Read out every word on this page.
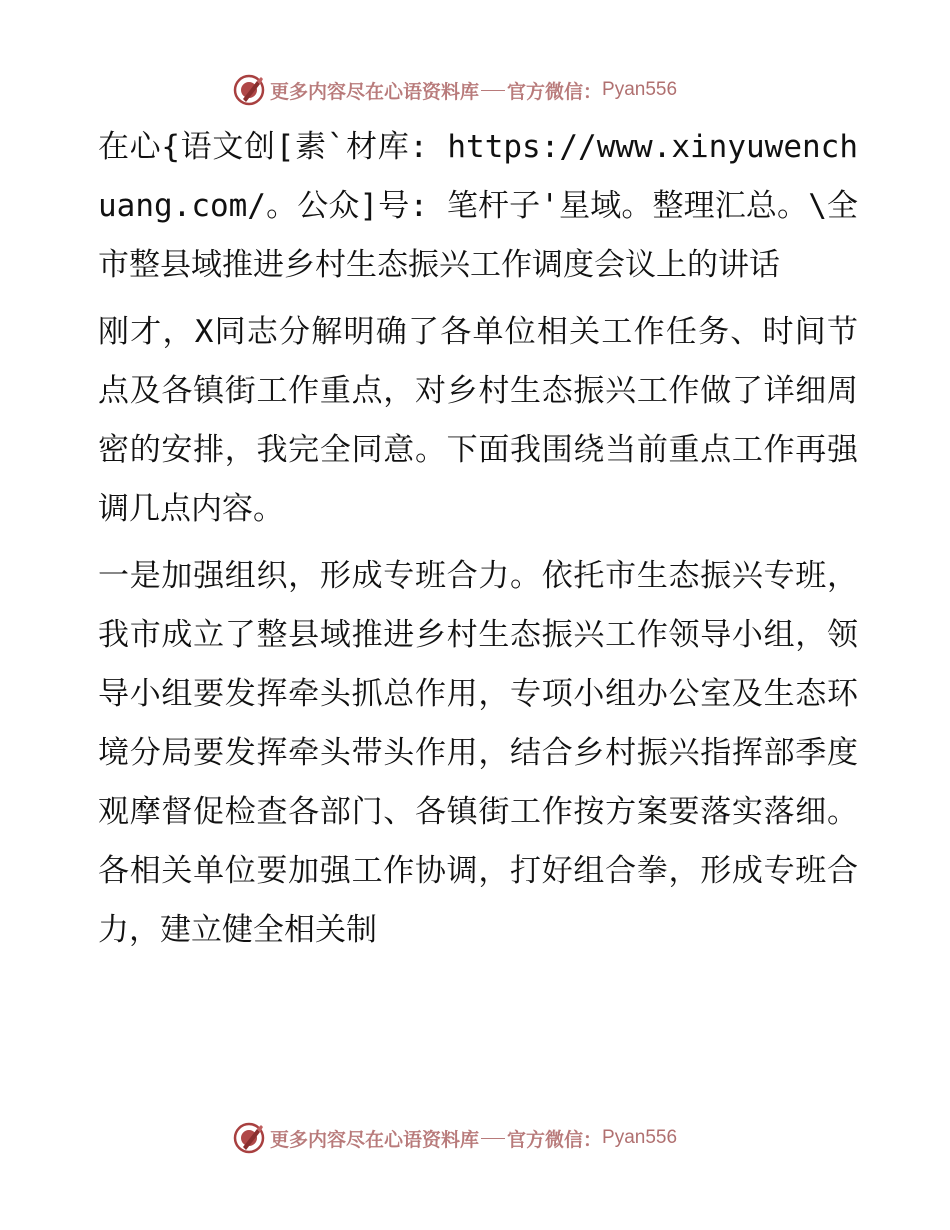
更多内容尽在心语资料库 官方微信： Pyan556

在心{语文创[素`材库: https://www.xinyuwenchuang.com/。公众]号: 笔杆子'星域。整理汇总。\全市整县域推进乡村生态振兴工作调度会议上的讲话

刚才，X同志分解明确了各单位相关工作任务、时间节点及各镇街工作重点，对乡村生态振兴工作做了详细周密的安排，我完全同意。下面我围绕当前重点工作再强调几点内容。

一是加强组织，形成专班合力。依托市生态振兴专班，我市成立了整县域推进乡村生态振兴工作领导小组，领导小组要发挥牵头抓总作用，专项小组办公室及生态环境分局要发挥牵头带头作用，结合乡村振兴指挥部季度观摩督促检查各部门、各镇街工作按方案要落实落细。各相关单位要加强工作协调，打好组合拳，形成专班合力，建立健全相关制

更多内容尽在心语资料库 官方微信： Pyan556
